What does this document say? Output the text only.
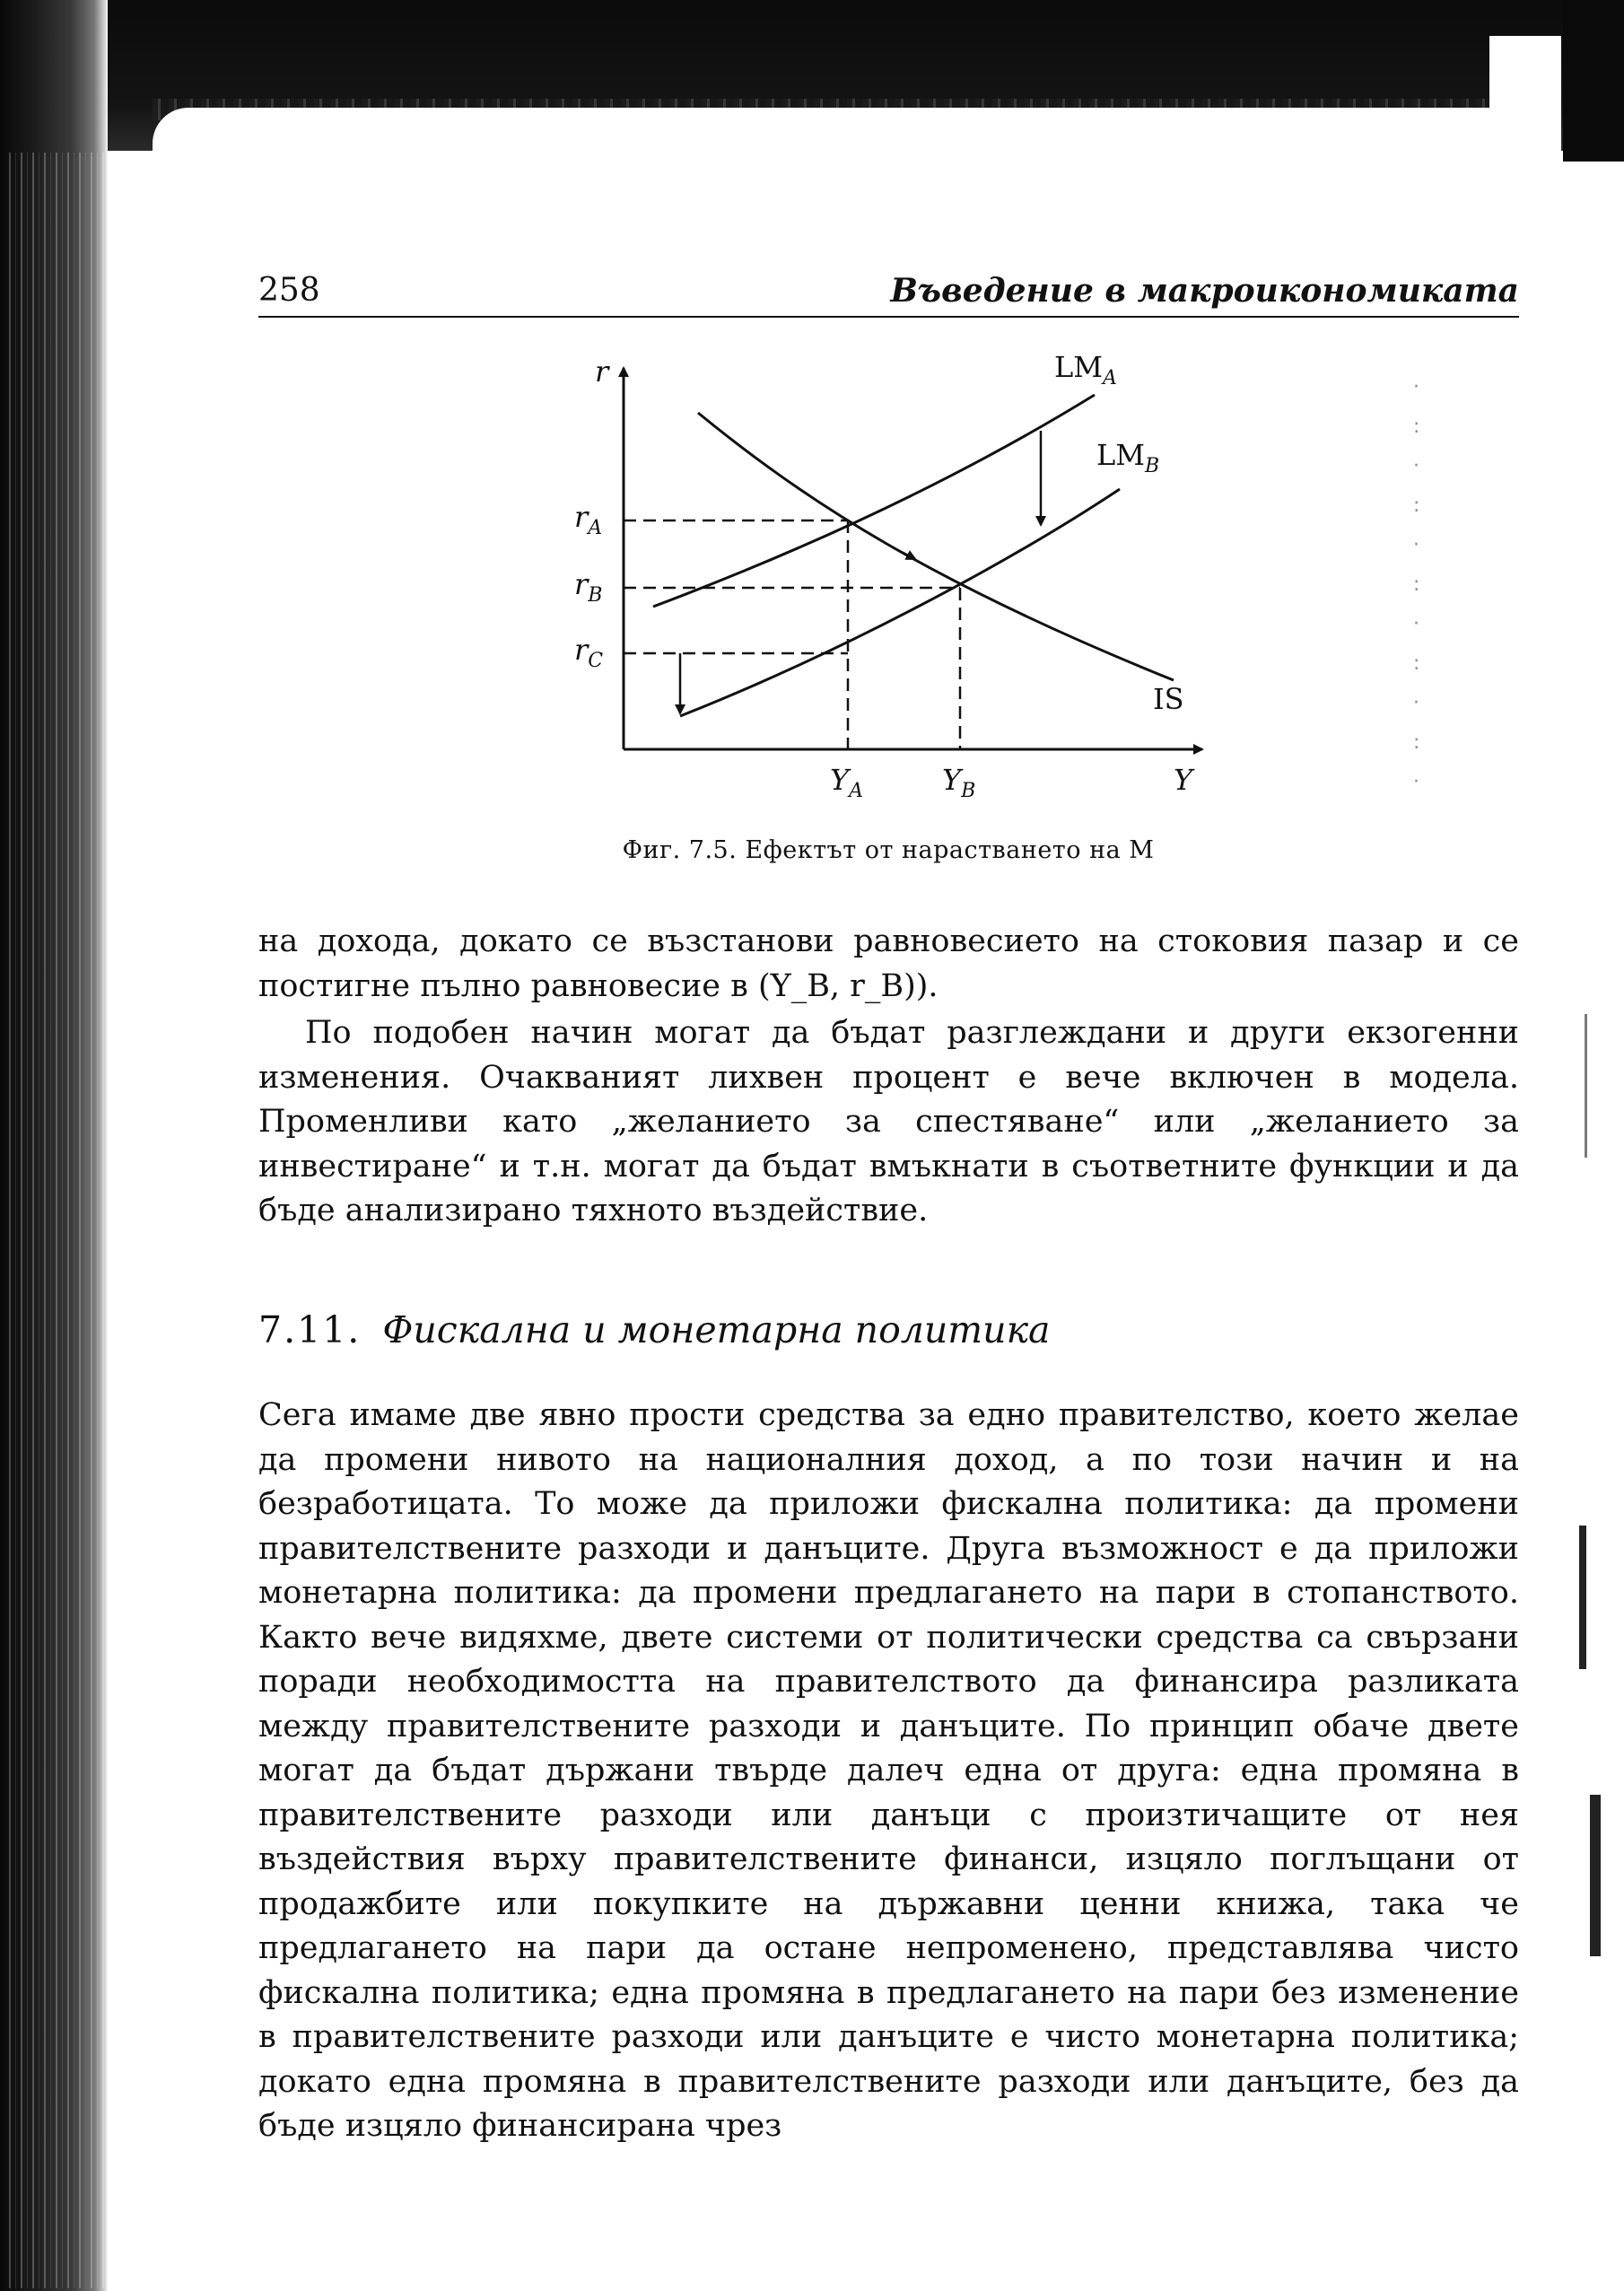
·
:
·
:
·
:
·
:
·
:
·
258	Въведение в макроикономиката
r
Y
$LM_A$
$LM_B$
IS
$r_A$
$r_B$
$r_C$
$Y_A$	$Y_B$
Фиг. 7.5. Ефектът от нарастването на M

на дохода, докато се възстанови равновесието на стоковия пазар и се постигне пълно равновесие в (Y_B, r_B)).

По подобен начин могат да бъдат разглеждани и други екзогенни изменения. Очакваният лихвен процент е вече включен в модела. Променливи като „желанието за спестяване“ или „желанието за инвестиране“ и т.н. могат да бъдат вмъкнати в съответните функции и да бъде анализирано тяхното въздействие.

7.11. Фискална и монетарна политика

Сега имаме две явно прости средства за едно правителство, което желае да промени нивото на националния доход, а по този начин и на безработицата. То може да приложи фискална политика: да промени правителствените разходи и данъците. Друга възможност е да приложи монетарна политика: да промени предлагането на пари в стопанството. Както вече видяхме, двете системи от политически средства са свързани поради необходимостта на правителството да финансира разликата между правителствените разходи и данъците. По принцип обаче двете могат да бъдат държани твърде далеч една от друга: една промяна в правителствените разходи или данъци с произтичащите от нея въздействия върху правителствените финанси, изцяло поглъщани от продажбите или покупките на държавни ценни книжа, така че предлагането на пари да остане непроменено, представлява чисто фискална политика; една промяна в предлагането на пари без изменение в правителствените разходи или данъците е чисто монетарна политика; докато една промяна в правителствените разходи или данъците, без да бъде изцяло финансирана чрез
